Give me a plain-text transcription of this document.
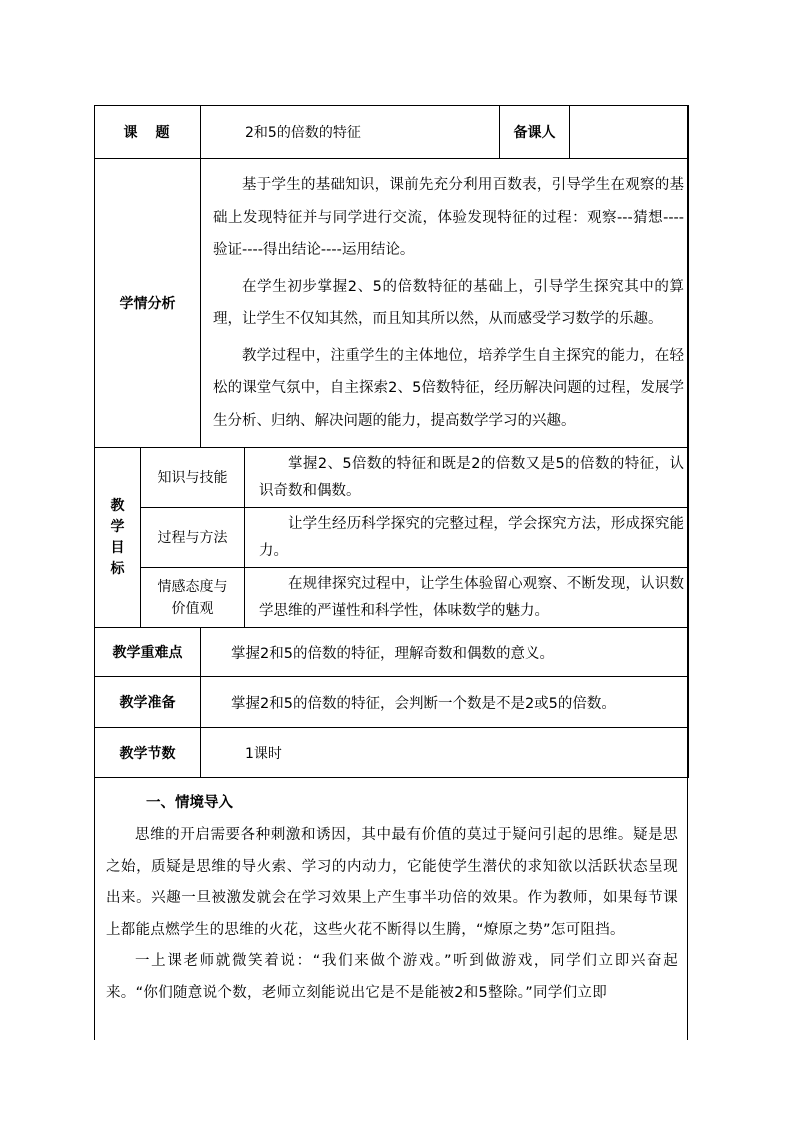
课　题		2和5的倍数的特征		备课人	
学情分析		基于学生的基础知识，课前先充分利用百数表，引导学生在观察的基础上发现特征并与同学进行交流，体验发现特征的过程：观察---猜想----验证----得出结论----运用结论。

在学生初步掌握2、5的倍数特征的基础上，引导学生探究其中的算理，让学生不仅知其然，而且知其所以然，从而感受学习数学的乐趣。

教学过程中，注重学生的主体地位，培养学生自主探究的能力，在轻松的课堂气氛中，自主探索2、5倍数特征，经历解决问题的过程，发展学生分析、归纳、解决问题的能力，提高数学学习的兴趣。			

教学目标	知识与技能		掌握2、5倍数的特征和既是2的倍数又是5的倍数的特征，认识奇数和偶数。		

	过程与方法		让学生经历科学探究的完整过程，学会探究方法，形成探究能力。		

	情感态度与价值观		在规律探究过程中，让学生体验留心观察、不断发现，认识数学思维的严谨性和科学性，体味数学的魅力。		

教学重难点		掌握2和5的倍数的特征，理解奇数和偶数的意义。			
教学准备		掌握2和5的倍数的特征，会判断一个数是不是2或5的倍数。			
教学节数		1课时			
一、情境导入

思维的开启需要各种刺激和诱因，其中最有价值的莫过于疑问引起的思维。疑是思之始，质疑是思维的导火索、学习的内动力，它能使学生潜伏的求知欲以活跃状态呈现出来。兴趣一旦被激发就会在学习效果上产生事半功倍的效果。作为教师，如果每节课上都能点燃学生的思维的火花，这些火花不断得以生腾，“燎原之势”怎可阻挡。

一上课老师就微笑着说：“我们来做个游戏。”听到做游戏，同学们立即兴奋起来。“你们随意说个数，老师立刻能说出它是不是能被2和5整除。”同学们立即
